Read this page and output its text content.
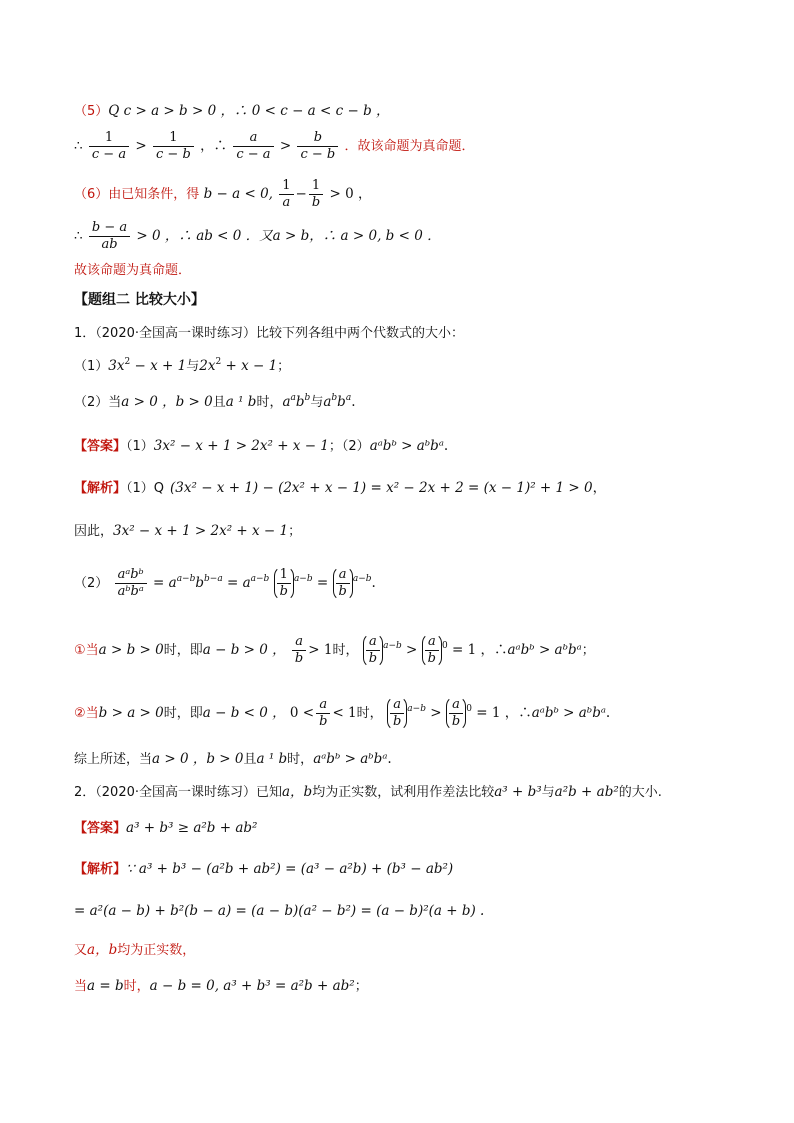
（5）Q c > a > b > 0 ，∴ 0 < c − a < c − b ，
∴ $\frac{1}{c - a} > \frac{1}{c - b}$ ，∴ $\frac{a}{c - a} > \frac{b}{c - b}$ ．故该命题为真命题．
（6）由已知条件，得 b − a < 0, $\frac{1}{a} - \frac{1}{b} > 0$ ，
∴ $\frac{b - a}{ab} > 0$ ，∴ ab < 0 ．又a > b，∴ a > 0, b < 0 ．
故该命题为真命题．
【题组二 比较大小】
1．（2020·全国高一课时练习）比较下列各组中两个代数式的大小：
$(1)3x^2 - x + 1$与$2x^2 + x - 1$；
（2）当a > 0 ，b > 0且a ¹ b时，$a^ab^b$与$a^bb^a$.
【答案】（1）3x² − x + 1 > 2x² + x − 1；（2）aᵃbᵇ > aᵇbᵃ.
【解析】（1）Q (3x² − x + 1) − (2x² + x − 1) = x² − 2x + 2 = (x − 1)² + 1 > 0，
因此，3x² − x + 1 > 2x² + x − 1；
$(2) \frac{\text{aᵃbᵇ}}{\text{aᵇbᵃ}} = a^{a-b}b^{b-a} = a^{a-b} \frac{1}{b} ^{a-b} = \frac{a}{b} ^{a-b}$.
①当a > b > 0时，即a − b > 0 ， $\frac{a}{b} > 1$时， $\frac{a}{b} ^{a-b} > \frac{a}{b} ^0 = 1$ ，∴aᵃbᵇ > aᵇbᵃ；
②当b > a > 0时，即a − b < 0 ， $0 < \frac{a}{b} < 1$时， $\frac{a}{b} ^{a-b} > \frac{a}{b} ^0 = 1$ ，∴aᵃbᵇ > aᵇbᵃ.
综上所述，当a > 0 ，b > 0且a ¹ b时，aᵃbᵇ > aᵇbᵃ.
2．（2020·全国高一课时练习）已知a，b均为正实数，试利用作差法比较a³ + b³与a²b + ab²的大小.
【答案】a³ + b³ ≥ a²b + ab²
【解析】∵ a³ + b³ − (a²b + ab²) = (a³ − a²b) + (b³ − ab²)
= a²(a − b) + b²(b − a) = (a − b)(a² − b²) = (a − b)²(a + b) .
又a，b均为正实数，
当a = b时，a − b = 0, a³ + b³ = a²b + ab²；
